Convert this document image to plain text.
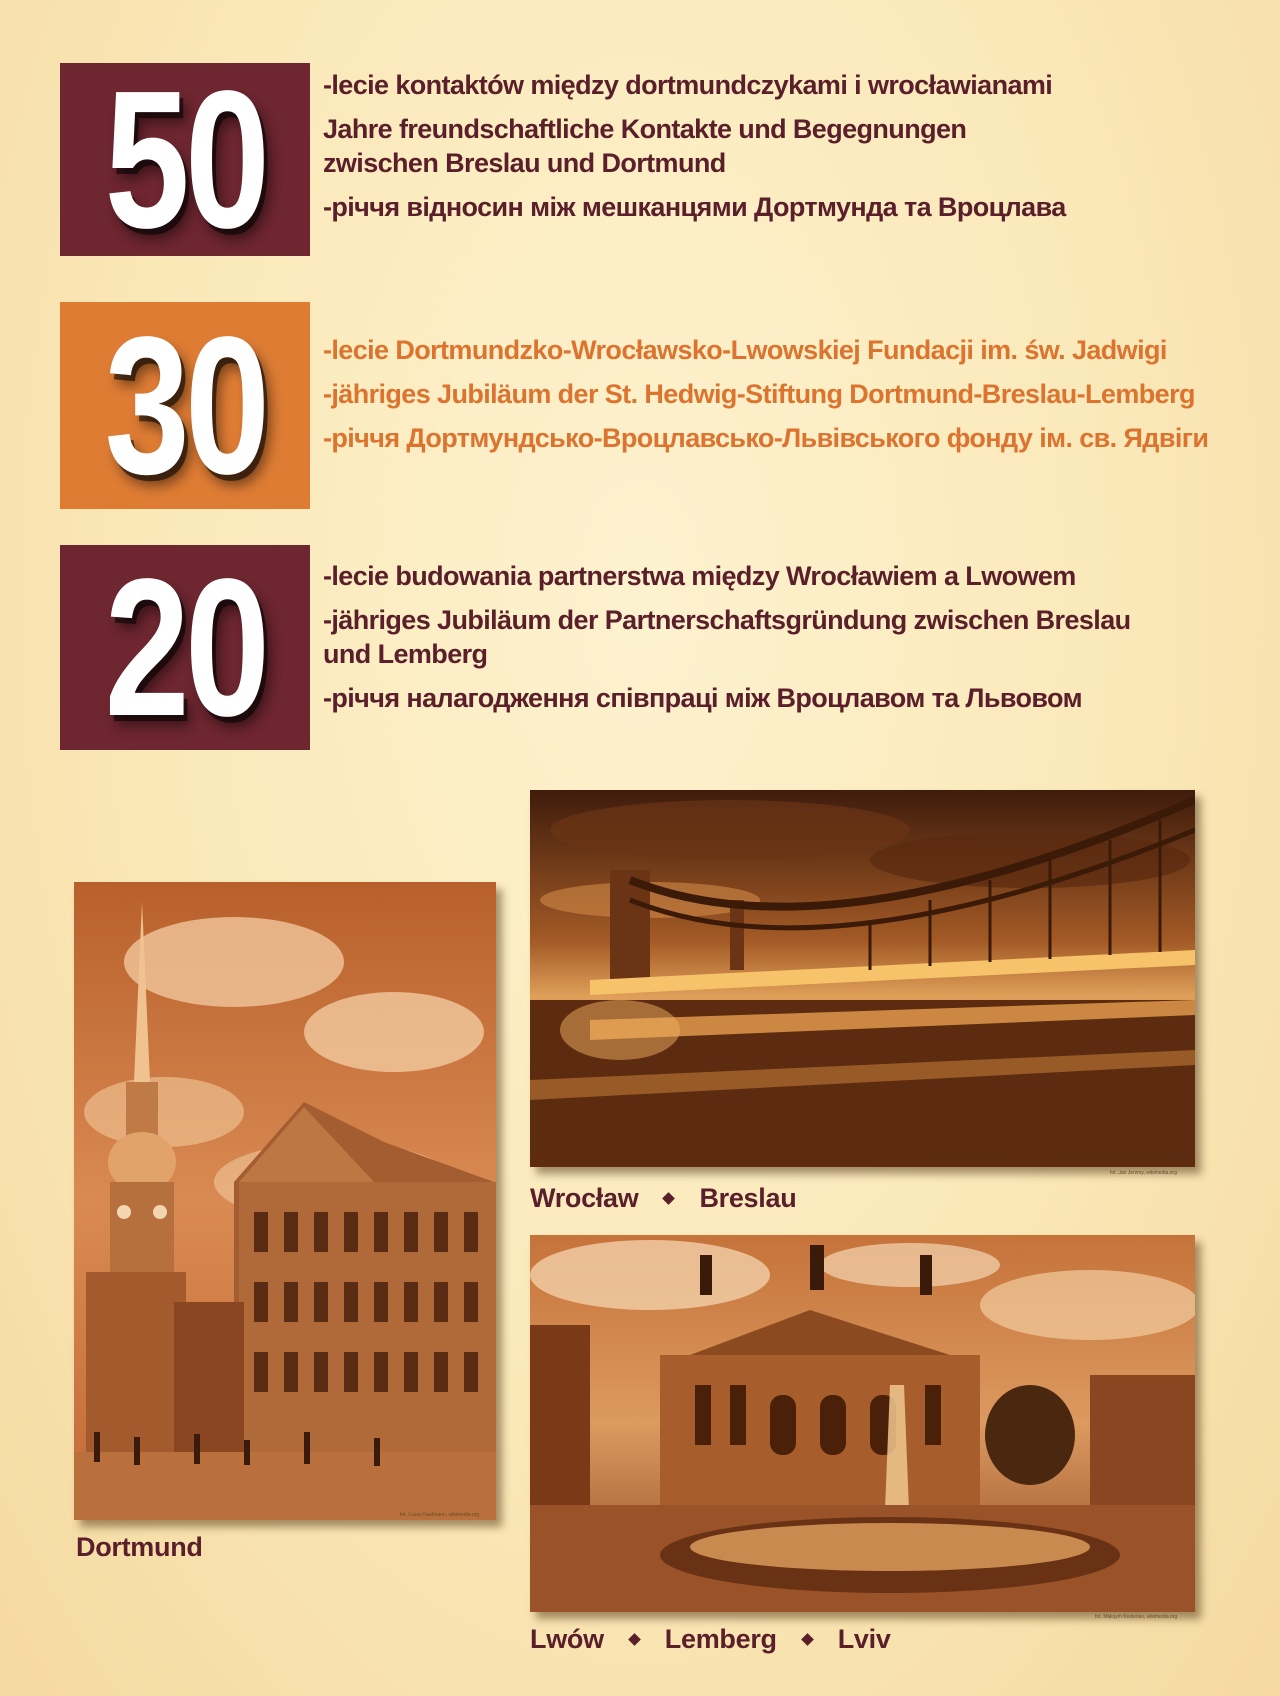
50 -lecie kontaktów między dortmundczykami i wrocławianami
Jahre freundschaftliche Kontakte und Begegnungen
zwischen Breslau und Dortmund
-річчя відносин між мешканцями Дортмунда та Вроцлава
30 -lecie Dortmundzko-Wrocławsko-Lwowskiej Fundacji im. św. Jadwigi
-jähriges Jubiläum der St. Hedwig-Stiftung Dortmund-Breslau-Lemberg
-річчя Дортмундсько-Вроцлавсько-Львівського фонду ім. св. Ядвіги
20 -lecie budowania partnerstwa między Wrocławiem a Lwowem
-jähriges Jubiläum der Partnerschaftsgründung zwischen Breslau
und Lemberg
-річчя налагодження співпраці між Вроцлавом та Львовом
fot. Lucas Kaufmann, wikimedia.org
Dortmund
fot. Jan Jerzmy, wikimedia.org
Wrocław Breslau
fot. Maksym Kozlenko, wikimedia.org
Lwów Lemberg Lviv
